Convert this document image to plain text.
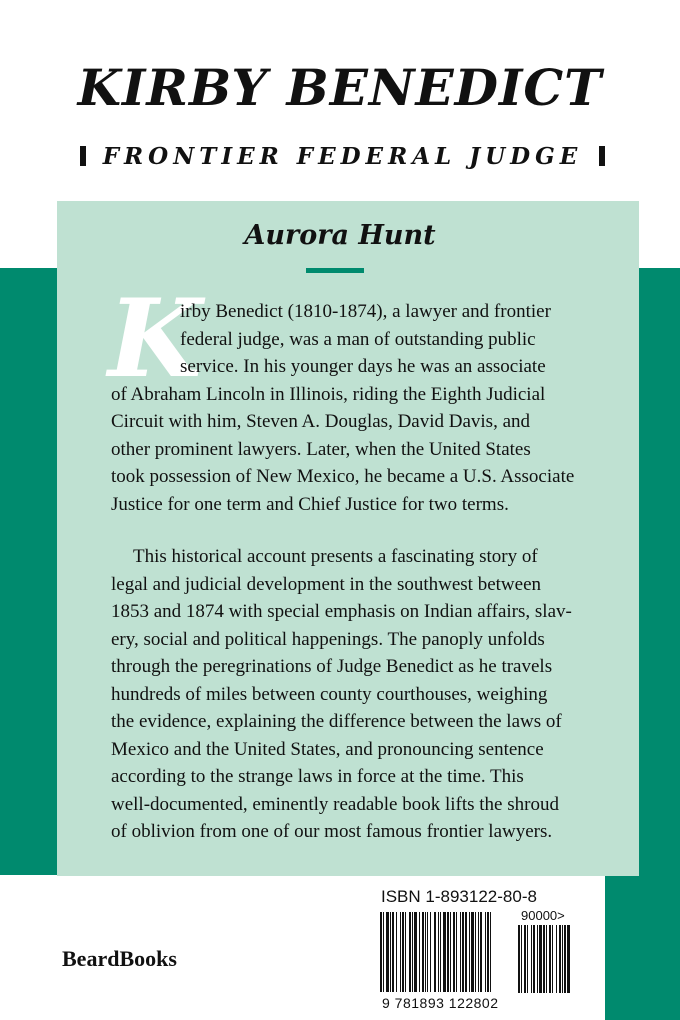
KIRBY BENEDICT
FRONTIER FEDERAL JUDGE
Aurora Hunt
K
irby Benedict (1810-1874), a lawyer and frontier
federal judge, was a man of outstanding public
service. In his younger days he was an associate
of Abraham Lincoln in Illinois, riding the Eighth Judicial
Circuit with him, Steven A. Douglas, David Davis, and
other prominent lawyers. Later, when the United States
took possession of New Mexico, he became a U.S. Associate
Justice for one term and Chief Justice for two terms.
This historical account presents a fascinating story of
legal and judicial development in the southwest between
1853 and 1874 with special emphasis on Indian affairs, slav-
ery, social and political happenings. The panoply unfolds
through the peregrinations of Judge Benedict as he travels
hundreds of miles between county courthouses, weighing
the evidence, explaining the difference between the laws of
Mexico and the United States, and pronouncing sentence
according to the strange laws in force at the time. This
well-documented, eminently readable book lifts the shroud
of oblivion from one of our most famous frontier lawyers.
BeardBooks
ISBN 1-893122-80-8
90000>
9 781893 122802
